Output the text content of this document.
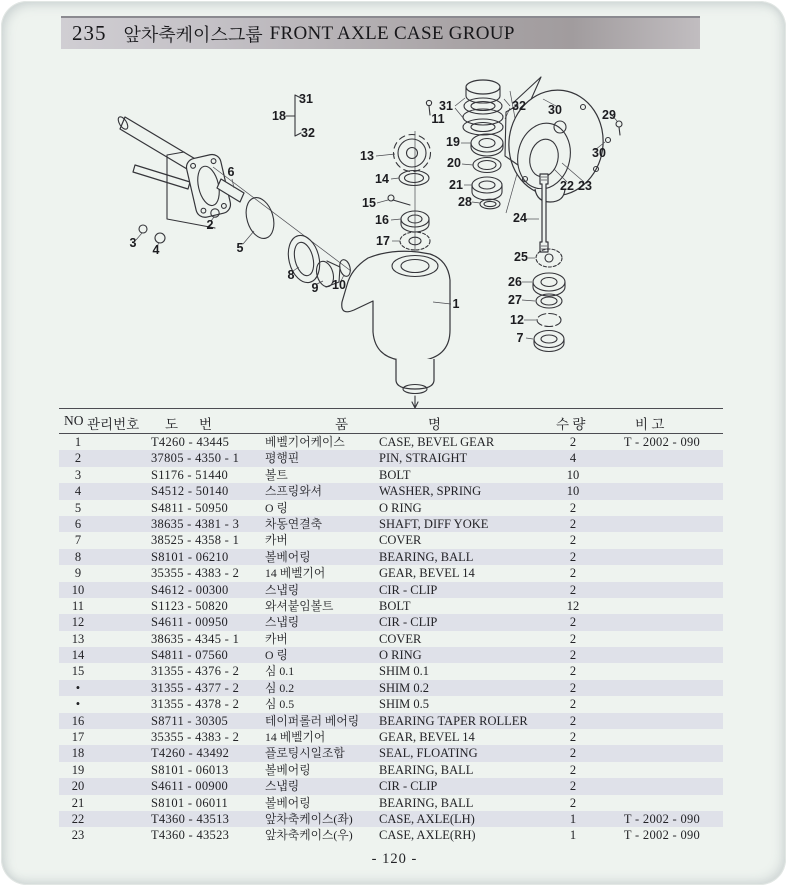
235 앞차축케이스그룹 FRONT AXLE CASE GROUP
18
31
32
3 4
2
5
6
8
9 10
13
14
15
16
17
1
31
11
32
19
20
21
28
30	29
30
22 23
24
25
26
27
12
7
NO 관리번호 도 번	품	명	수 량	비 고
1	T4260 - 43445	베벨기어케이스	CASE, BEVEL GEAR	2	T - 2002 - 090
2	37805 - 4350 - 1 평행핀	PIN, STRAIGHT	4
3	S1176 - 51440	볼트	BOLT	10
4	S4512 - 50140	스프링와셔	WASHER, SPRING	10
5	S4811 - 50950	O 링	O RING	2
6	38635 - 4381 - 3 차동연결축	SHAFT, DIFF YOKE	2
7	38525 - 4358 - 1 카버	COVER	2
8	S8101 - 06210	볼베어링	BEARING, BALL	2
9	35355 - 4383 - 2 14 베벨기어	GEAR, BEVEL 14	2
10	S4612 - 00300	스냅링	CIR - CLIP	2
11	S1123 - 50820	와셔붙임볼트	BOLT	12
12	S4611 - 00950	스냅링	CIR - CLIP	2
13	38635 - 4345 - 1 카버	COVER	2
14	S4811 - 07560	O 링	O RING	2
15	31355 - 4376 - 2 심 0.1	SHIM 0.1	2
•	31355 - 4377 - 2 심 0.2	SHIM 0.2	2
•	31355 - 4378 - 2 심 0.5	SHIM 0.5	2
16	S8711 - 30305	테이퍼롤러 베어링 BEARING TAPER ROLLER	2
17	35355 - 4383 - 2 14 베벨기어	GEAR, BEVEL 14	2
18	T4260 - 43492	플로팅시일조합	SEAL, FLOATING	2
19	S8101 - 06013	볼베어링	BEARING, BALL	2
20	S4611 - 00900	스냅링	CIR - CLIP	2
21	S8101 - 06011	볼베어링	BEARING, BALL	2
22	T4360 - 43513	앞차축케이스(좌) CASE, AXLE(LH)	1	T - 2002 - 090
23	T4360 - 43523	앞차축케이스(우) CASE, AXLE(RH)	1	T - 2002 - 090
- 120 -
